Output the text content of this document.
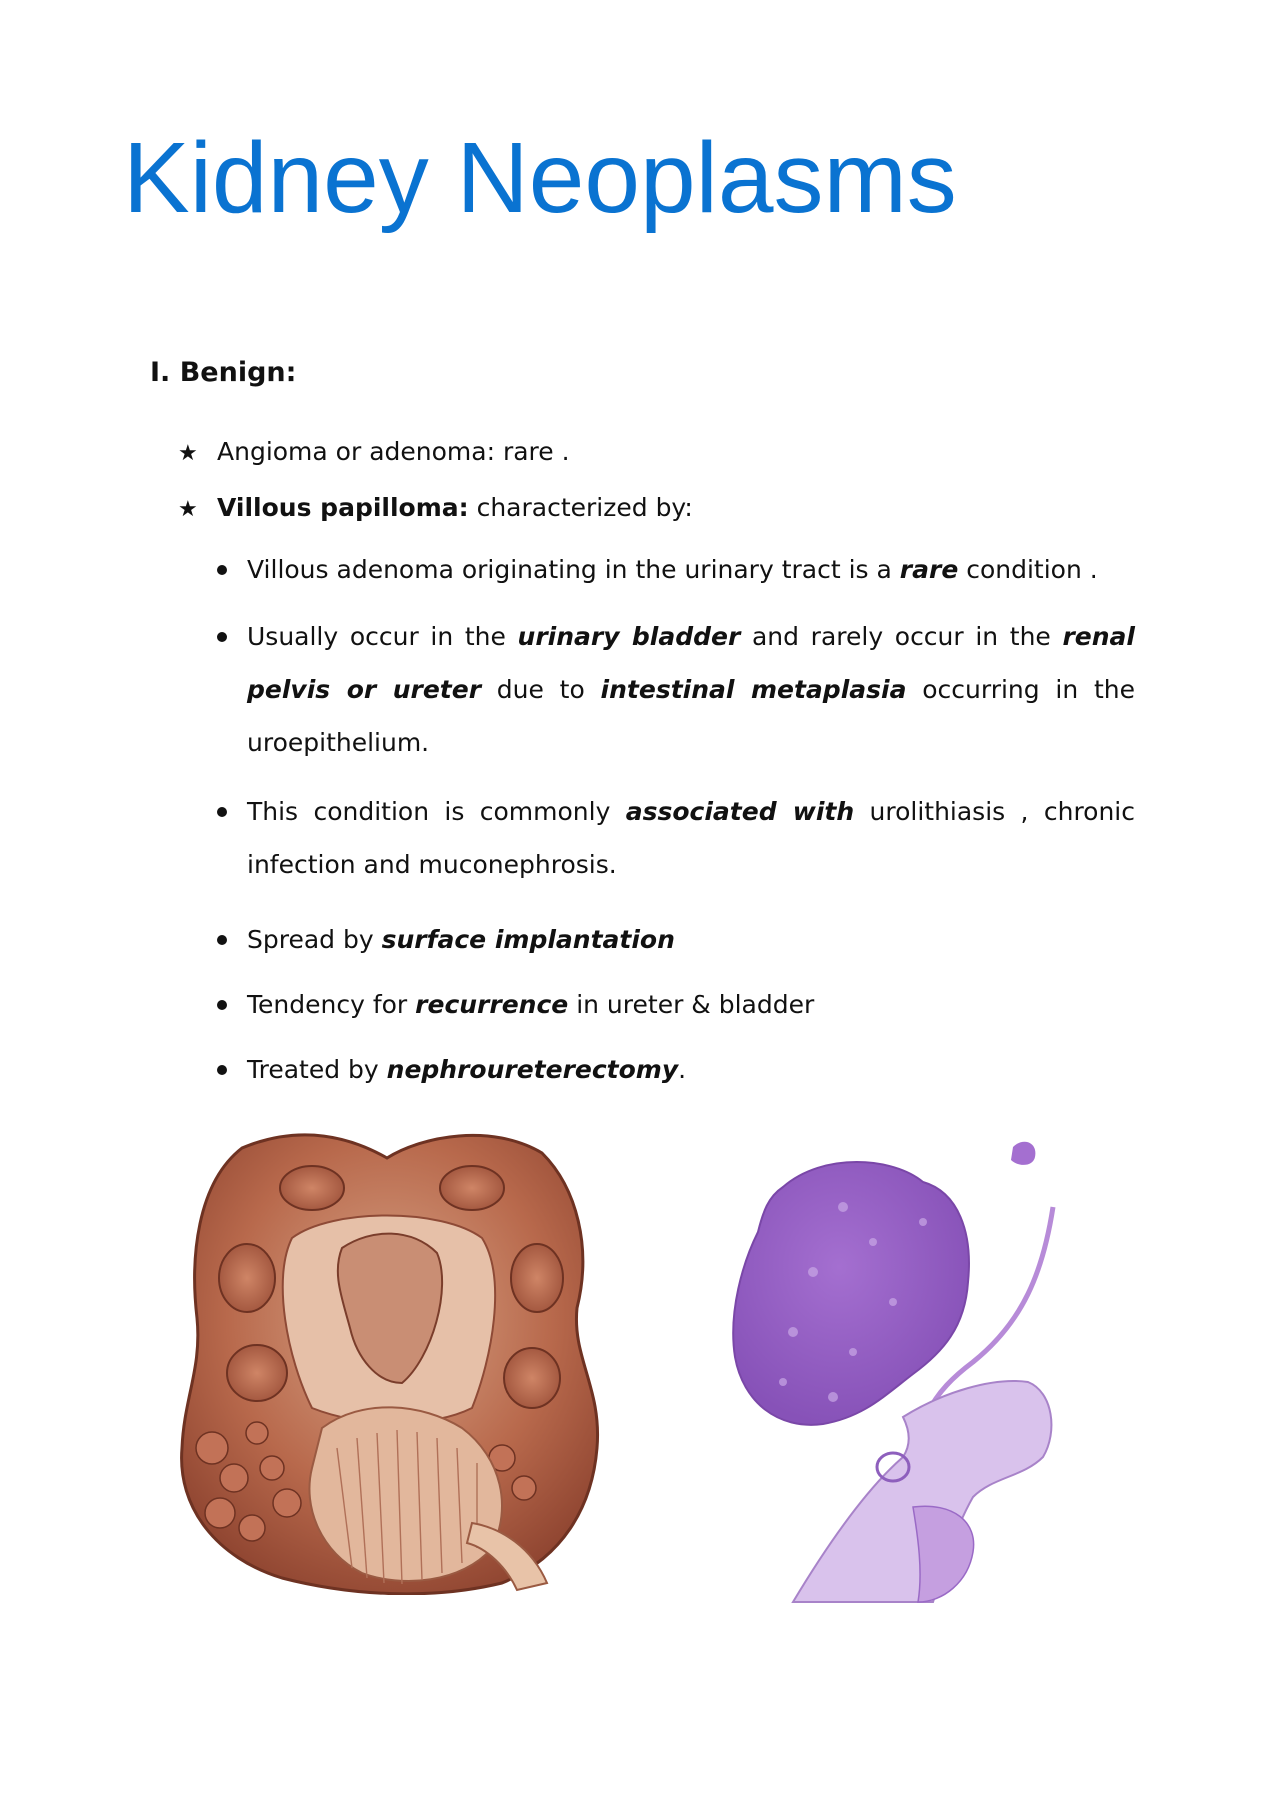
Kidney Neoplasms
I. Benign:
★ Angioma or adenoma: rare .
★ Villous papilloma: characterized by:
Villous adenoma originating in the urinary tract is a rare condition .
Usually occur in the urinary bladder and rarely occur in the renal pelvis or ureter due to intestinal metaplasia occurring in the uroepithelium.
This condition is commonly associated with urolithiasis , chronic infection and muconephrosis.
Spread by surface implantation
Tendency for recurrence in ureter & bladder
Treated by nephroureterectomy.
